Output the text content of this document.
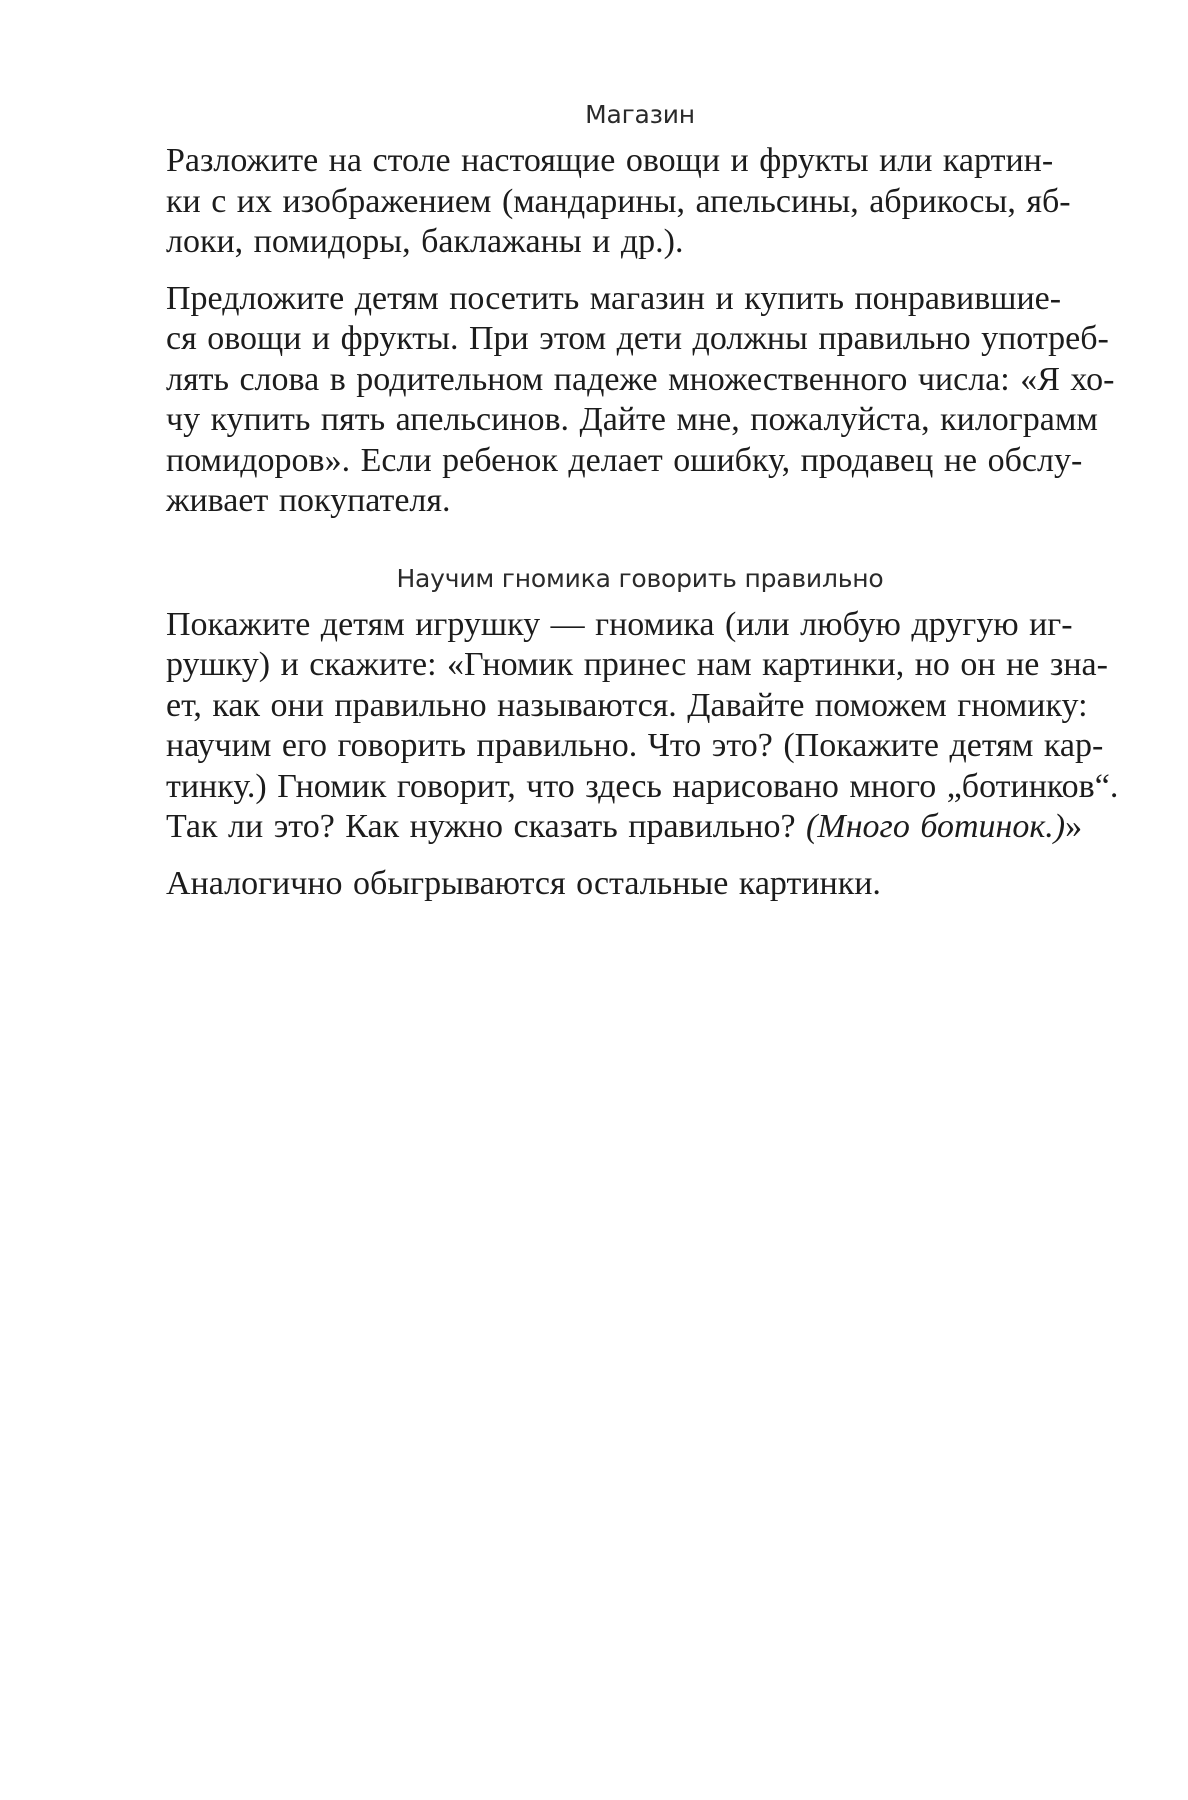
Магазин

Разложите на столе настоящие овощи и фрукты или картин-
ки с их изображением (мандарины, апельсины, абрикосы, яб-
локи, помидоры, баклажаны и др.).

Предложите детям посетить магазин и купить понравившие-
ся овощи и фрукты. При этом дети должны правильно употреб-
лять слова в родительном падеже множественного числа: «Я хо-
чу купить пять апельсинов. Дайте мне, пожалуйста, килограмм
помидоров». Если ребенок делает ошибку, продавец не обслу-
живает покупателя.

Научим гномика говорить правильно

Покажите детям игрушку — гномика (или любую другую иг-
рушку) и скажите: «Гномик принес нам картинки, но он не зна-
ет, как они правильно называются. Давайте поможем гномику:
научим его говорить правильно. Что это? (Покажите детям кар-
тинку.) Гномик говорит, что здесь нарисовано много „ботинков“.
Так ли это? Как нужно сказать правильно? (Много ботинок.)»

Аналогично обыгрываются остальные картинки.
